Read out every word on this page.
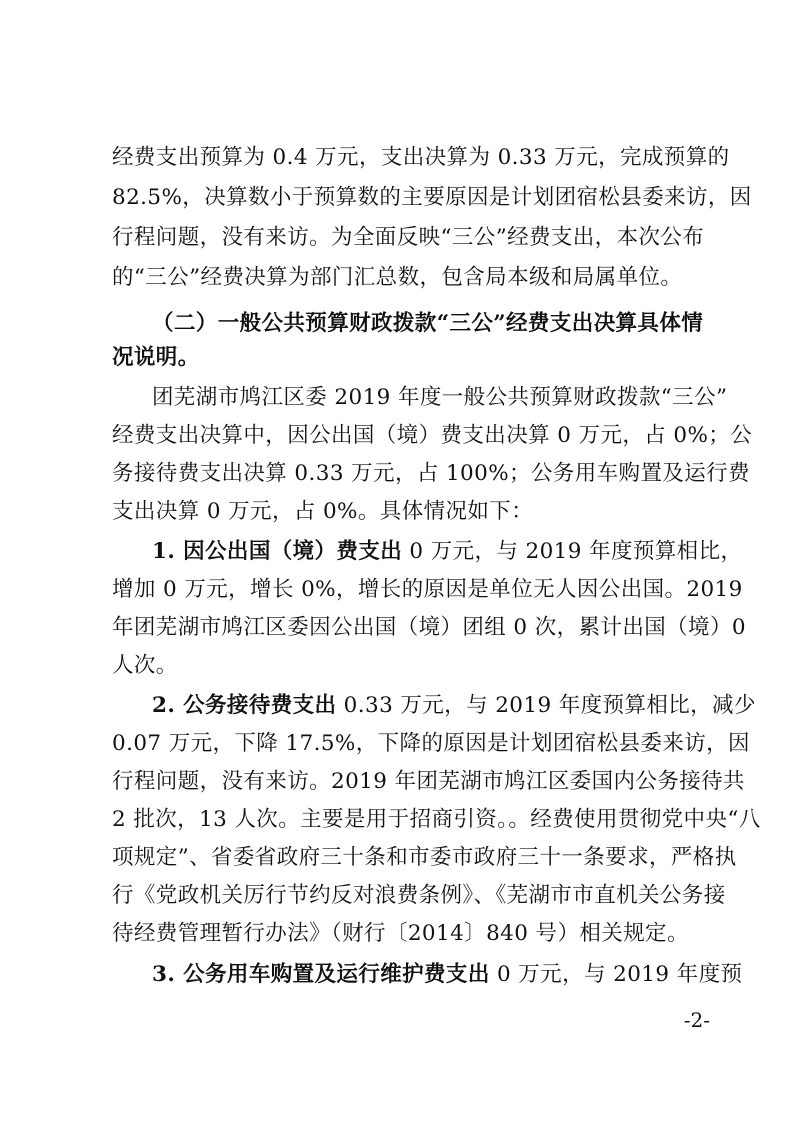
经费支出预算为 0.4 万元，支出决算为 0.33 万元，完成预算的
82.5%，决算数小于预算数的主要原因是计划团宿松县委来访，因
行程问题，没有来访。为全面反映“三公”经费支出，本次公布
的“三公”经费决算为部门汇总数，包含局本级和局属单位。
（二）一般公共预算财政拨款“三公”经费支出决算具体情
况说明。
团芜湖市鸠江区委 2019 年度一般公共预算财政拨款“三公”
经费支出决算中，因公出国（境）费支出决算 0 万元，占 0%；公
务接待费支出决算 0.33 万元，占 100%；公务用车购置及运行费
支出决算 0 万元，占 0%。具体情况如下：
1. 因公出国（境）费支出 0 万元，与 2019 年度预算相比，
增加 0 万元，增长 0%，增长的原因是单位无人因公出国。2019
年团芜湖市鸠江区委因公出国（境）团组 0 次，累计出国（境）0
人次。
2. 公务接待费支出 0.33 万元，与 2019 年度预算相比，减少
0.07 万元，下降 17.5%，下降的原因是计划团宿松县委来访，因
行程问题，没有来访。2019 年团芜湖市鸠江区委国内公务接待共
2 批次，13 人次。主要是用于招商引资。。经费使用贯彻党中央“八
项规定”、省委省政府三十条和市委市政府三十一条要求，严格执
行《党政机关厉行节约反对浪费条例》、《芜湖市市直机关公务接
待经费管理暂行办法》（财行〔2014〕840 号）相关规定。
3. 公务用车购置及运行维护费支出 0 万元，与 2019 年度预
-2-
